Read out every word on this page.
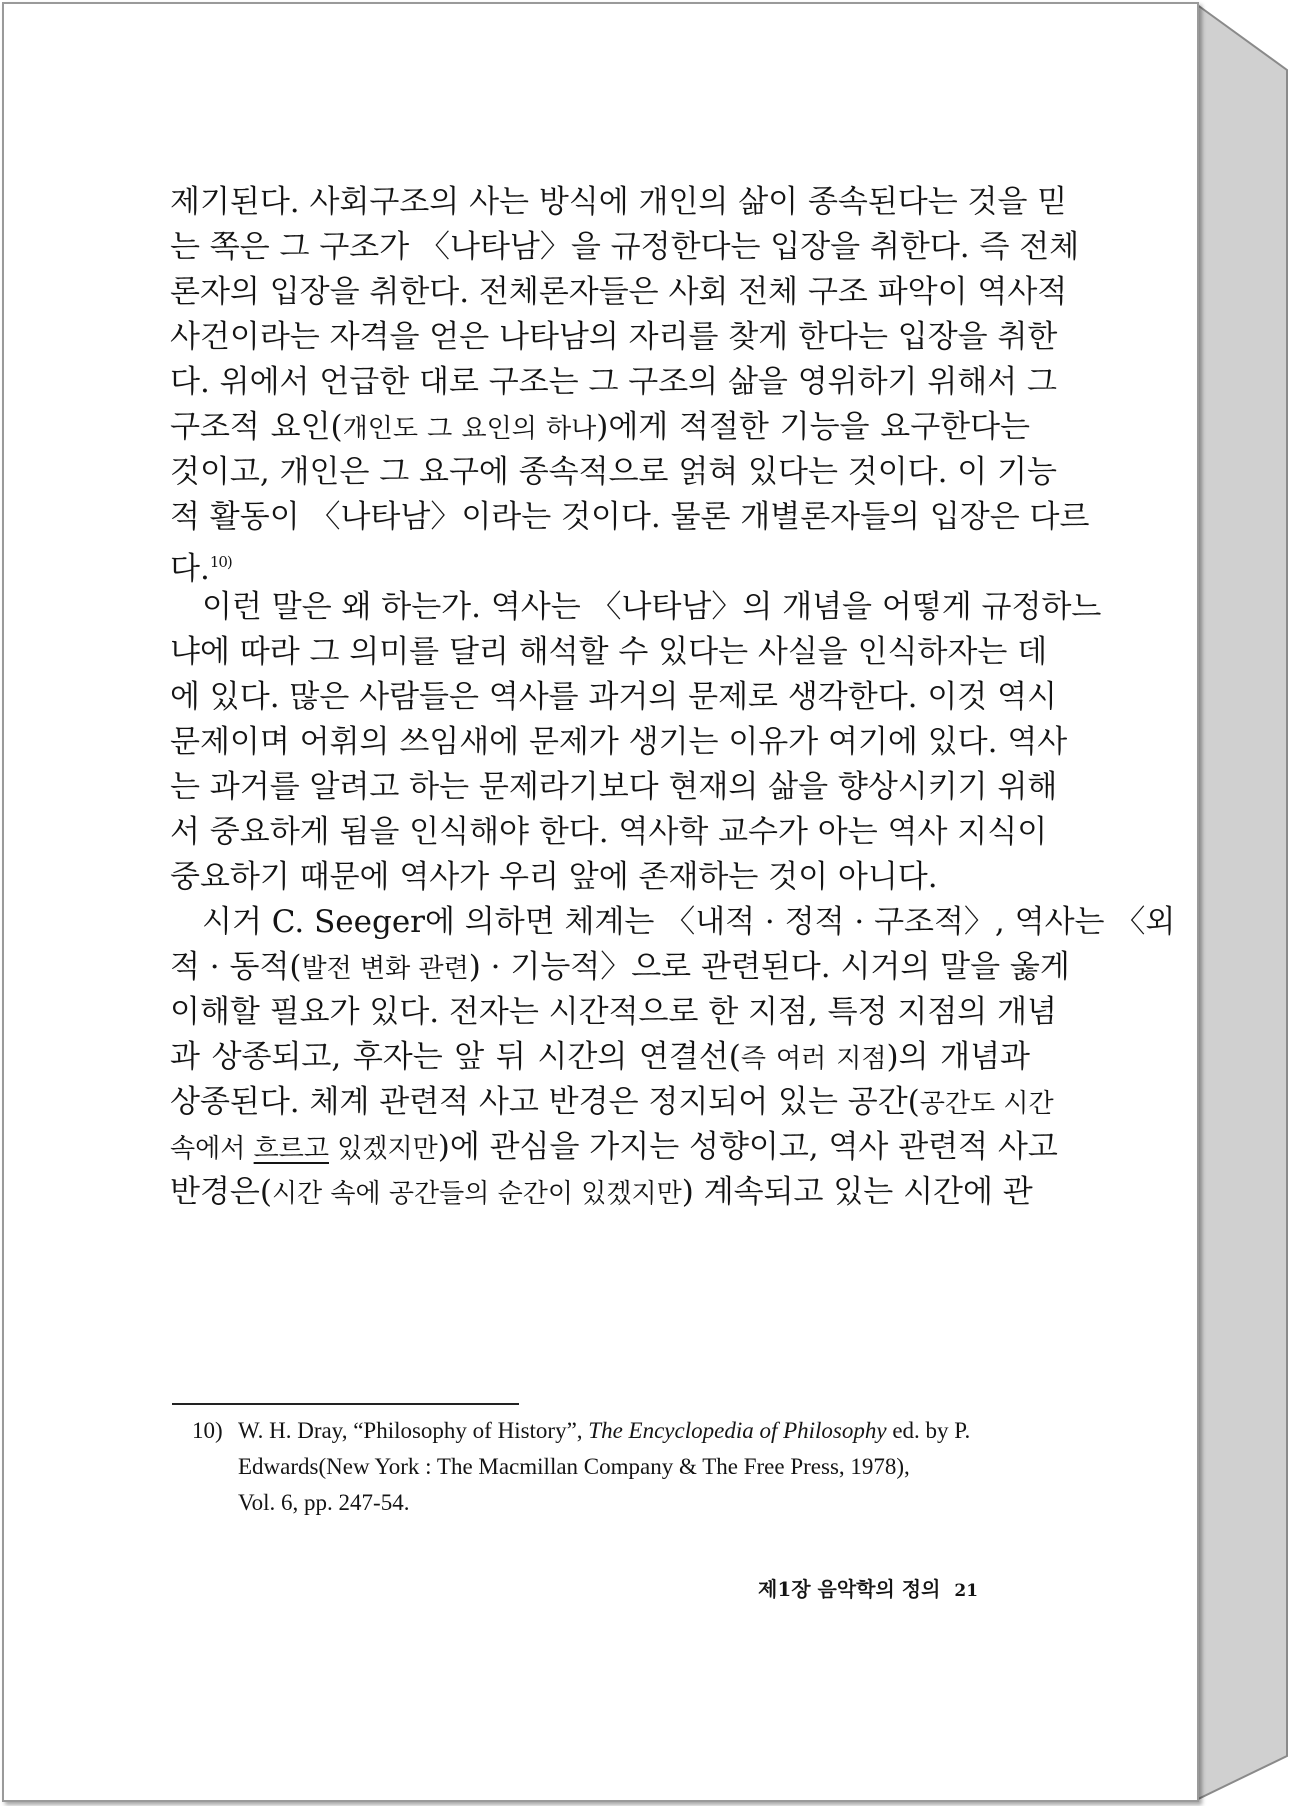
제기된다. 사회구조의 사는 방식에 개인의 삶이 종속된다는 것을 믿
는 쪽은 그 구조가 〈나타남〉을 규정한다는 입장을 취한다. 즉 전체
론자의 입장을 취한다. 전체론자들은 사회 전체 구조 파악이 역사적
사건이라는 자격을 얻은 나타남의 자리를 찾게 한다는 입장을 취한
다. 위에서 언급한 대로 구조는 그 구조의 삶을 영위하기 위해서 그
구조적 요인(개인도 그 요인의 하나)에게 적절한 기능을 요구한다는
것이고, 개인은 그 요구에 종속적으로 얽혀 있다는 것이다. 이 기능
적 활동이 〈나타남〉이라는 것이다. 물론 개별론자들의 입장은 다르
다.$^{10)}$

이런 말은 왜 하는가. 역사는 〈나타남〉의 개념을 어떻게 규정하느
냐에 따라 그 의미를 달리 해석할 수 있다는 사실을 인식하자는 데
에 있다. 많은 사람들은 역사를 과거의 문제로 생각한다. 이것 역시
문제이며 어휘의 쓰임새에 문제가 생기는 이유가 여기에 있다. 역사
는 과거를 알려고 하는 문제라기보다 현재의 삶을 향상시키기 위해
서 중요하게 됨을 인식해야 한다. 역사학 교수가 아는 역사 지식이
중요하기 때문에 역사가 우리 앞에 존재하는 것이 아니다.

시거 C. Seeger에 의하면 체계는 〈내적 · 정적 · 구조적〉, 역사는 〈외
적 · 동적(발전 변화 관련) · 기능적〉으로 관련된다. 시거의 말을 옳게
이해할 필요가 있다. 전자는 시간적으로 한 지점, 특정 지점의 개념
과 상종되고, 후자는 앞 뒤 시간의 연결선(즉 여러 지점)의 개념과
상종된다. 체계 관련적 사고 반경은 정지되어 있는 공간(공간도 시간
속에서 흐르고 있겠지만)에 관심을 가지는 성향이고, 역사 관련적 사고
반경은(시간 속에 공간들의 순간이 있겠지만) 계속되고 있는 시간에 관

10) W. H. Dray, “Philosophy of History”, The Encyclopedia of Philosophy ed. by P.
Edwards(New York : The Macmillan Company & The Free Press, 1978),
Vol. 6, pp. 247-54.
제1장 음악학의 정의 21
